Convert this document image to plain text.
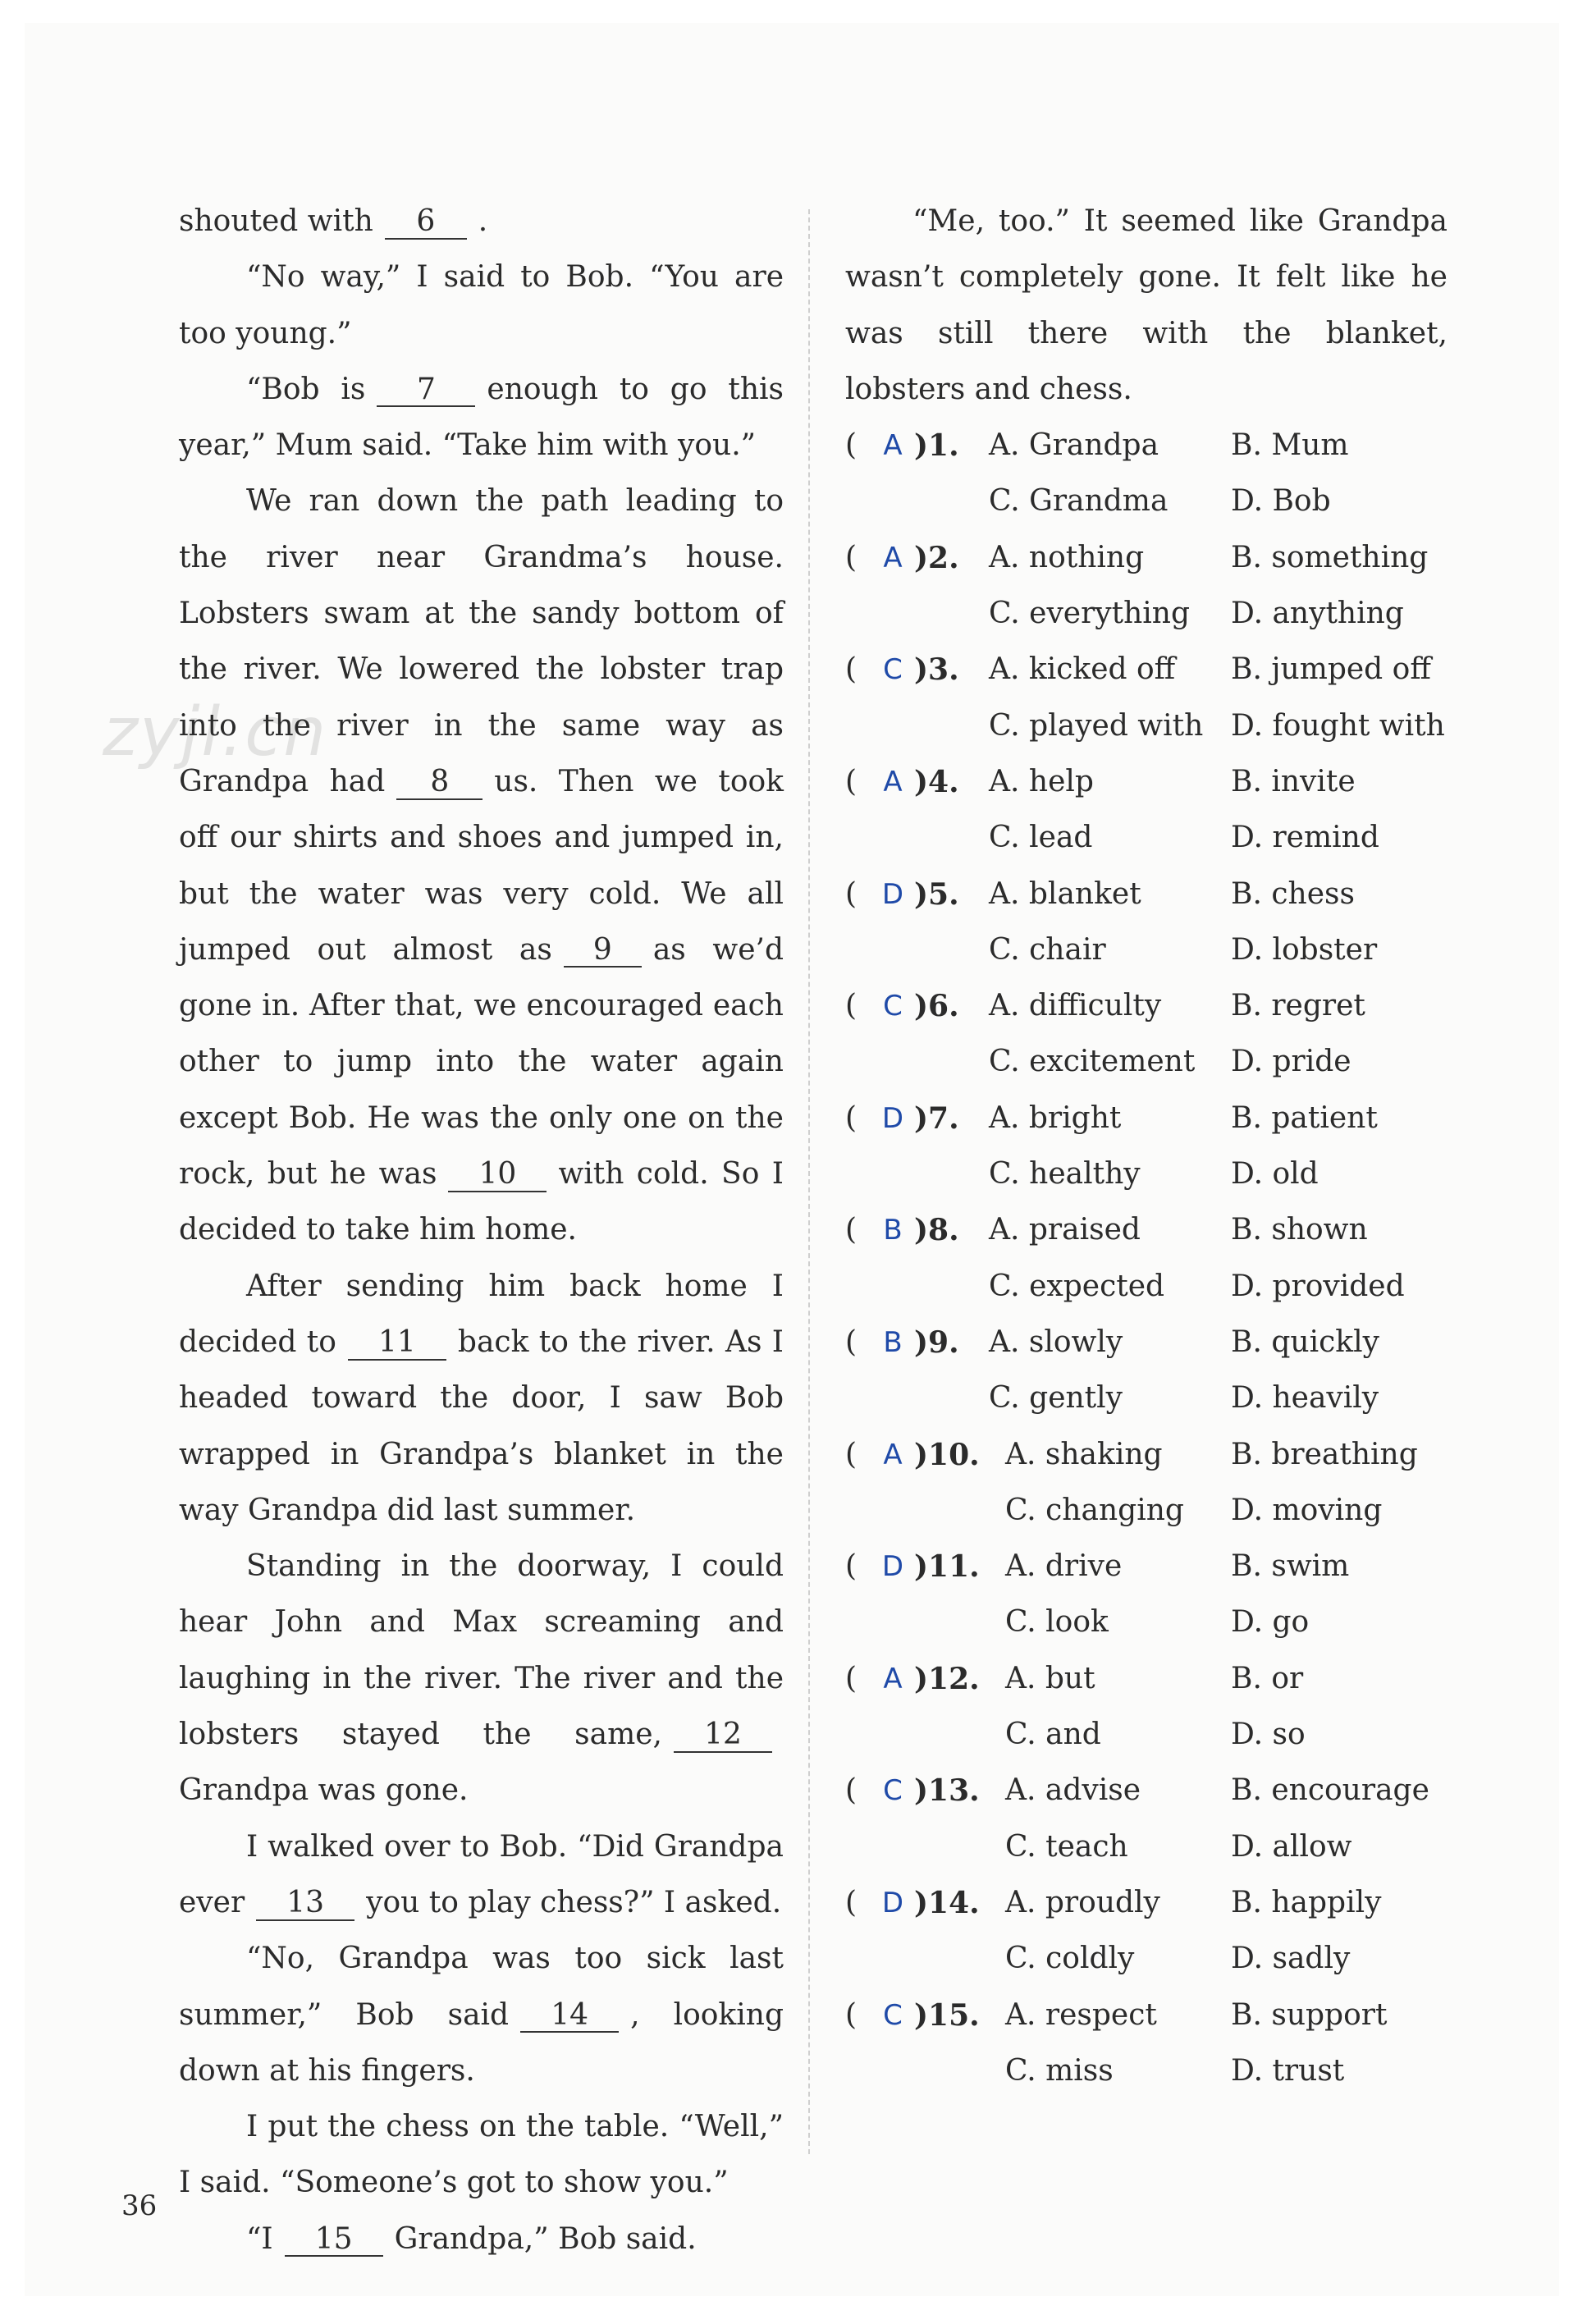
zyjl.cn

shouted with 6 .

“No way,” I said to Bob. “You are too young.”

“Bob is 7 enough to go this year,” Mum said. “Take him with you.”

We ran down the path leading to the river near Grandma’s house. Lobsters swam at the sandy bottom of the river. We lowered the lobster trap into the river in the same way as Grandpa had 8 us. Then we took off our shirts and shoes and jumped in, but the water was very cold. We all jumped out almost as 9 as we’d gone in. After that, we encouraged each other to jump into the water again except Bob. He was the only one on the rock, but he was 10 with cold. So I decided to take him home.

After sending him back home I decided to 11 back to the river. As I headed toward the door, I saw Bob wrapped in Grandpa’s blanket in the way Grandpa did last summer.

Standing in the doorway, I could hear John and Max screaming and laughing in the river. The river and the lobsters stayed the same, 12Grandpa was gone.

I walked over to Bob. “Did Grandpa ever 13 you to play chess?” I asked.

“No, Grandpa was too sick last summer,” Bob said 14 , looking down at his fingers.

I put the chess on the table. “Well,” I said. “Someone’s got to show you.”

“I 15 Grandpa,” Bob said.

“Me, too.” It seemed like Grandpa wasn’t completely gone. It felt like he was still there with the blanket, lobsters and chess.

( A )1. A. Grandpa B. Mum
C. Grandma D. Bob
( A )2. A. nothing	B. something
C. everything D. anything
( C )3. A. kicked off B. jumped off
C. played with D. fought with
( A )4. A. help	B. invite
C. lead	D. remind
( D )5. A. blanket	B. chess
C. chair	D. lobster
( C )6. A. difficulty B. regret
C. excitement D. pride
( D )7. A. bright	B. patient
C. healthy	D. old
( B )8. A. praised	B. shown
C. expected D. provided
( B )9. A. slowly	B. quickly
C. gently	D. heavily
( A )10. A. shaking B. breathing
C. changing D. moving
( D )11. A. drive	B. swim
C. look	D. go
( A )12. A. but	B. or
C. and	D. so
( C )13. A. advise	B. encourage
C. teach	D. allow
( D )14. A. proudly B. happily
C. coldly	D. sadly
( C )15. A. respect	B. support
C. miss	D. trust
36
